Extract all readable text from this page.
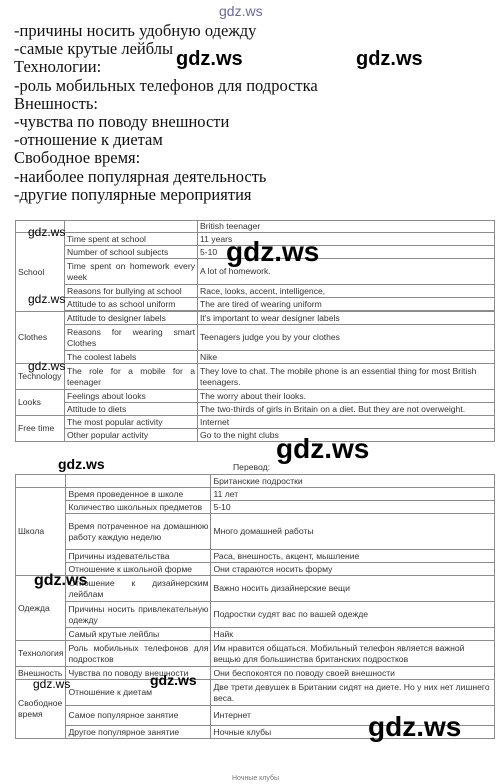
gdz.ws
-причины носить удобную одежду
-самые крутые лейблы
Технологии:
-роль мобильных телефонов для подростка
Внешность:
-чувства по поводу внешности
-отношение к диетам
Свободное время:
-наиболее популярная деятельность
-другие популярные мероприятия
		British teenager
School	Time spent at school	11 years
	Number of school subjects	5-10
	Time spent on homework every week	A lot of homework.
	Reasons for bullying at school	Race, looks, accent, intelligence,
	Attitude to as school uniform	The are tired of wearing uniform

Clothes	Attitude to designer labels	It's important to wear designer labels
	Reasons for wearing smart Clothes	Teenagers judge you by your clothes
	The coolest labels	Nike
Technology	The role for a mobile for a teenager	They love to chat. The mobile phone is an essential thing for most British teenagers.
Looks	Feelings about looks	The worry about their looks.
	Attitude to diets	The two-thirds of girls in Britain on a diet. But they are not overweight.
Free time	The most popular activity	Internet
	Other popular activity	Go to the night clubs
Перевод:
		Британские подростки
Школа	Время проведенное в школе	11 лет
	Количество школьных предметов	5-10
	Время потраченное на домашнюю работу каждую неделю	Много домашней работы
	Причины издевательства	Раса, внешность, акцент, мышление
	Отношение к школьной форме	Они стараются носить форму
Одежда	Отношение к дизайнерским лейблам	Важно носить дизайнерские вещи
	Причины носить привлекательную одежду	Подростки судят вас по вашей одежде
	Самый крутые лейблы	Найк
Технология	Роль мобильных телефонов для подростков	Им нравится общаться. Мобильный телефон является важной вещью для большинства британских подростков
Внешность	Чувства по поводу внешности	Они беспокоятся по поводу своей внешности
Свободное время	Отношение к диетам	Две трети девушек в Британии сидят на диете. Но у них нет лишнего веса.
	Самое популярное занятие	Интернет
	Другое популярное занятие	Ночные клубы
Ночные клубы
gdz.ws	gdz.ws
gdz.ws
gdz.ws
gdz.ws
gdz.ws
gdz.ws
gdz.ws
gdz.ws
gdz.ws
gdz.ws
gdz.ws
